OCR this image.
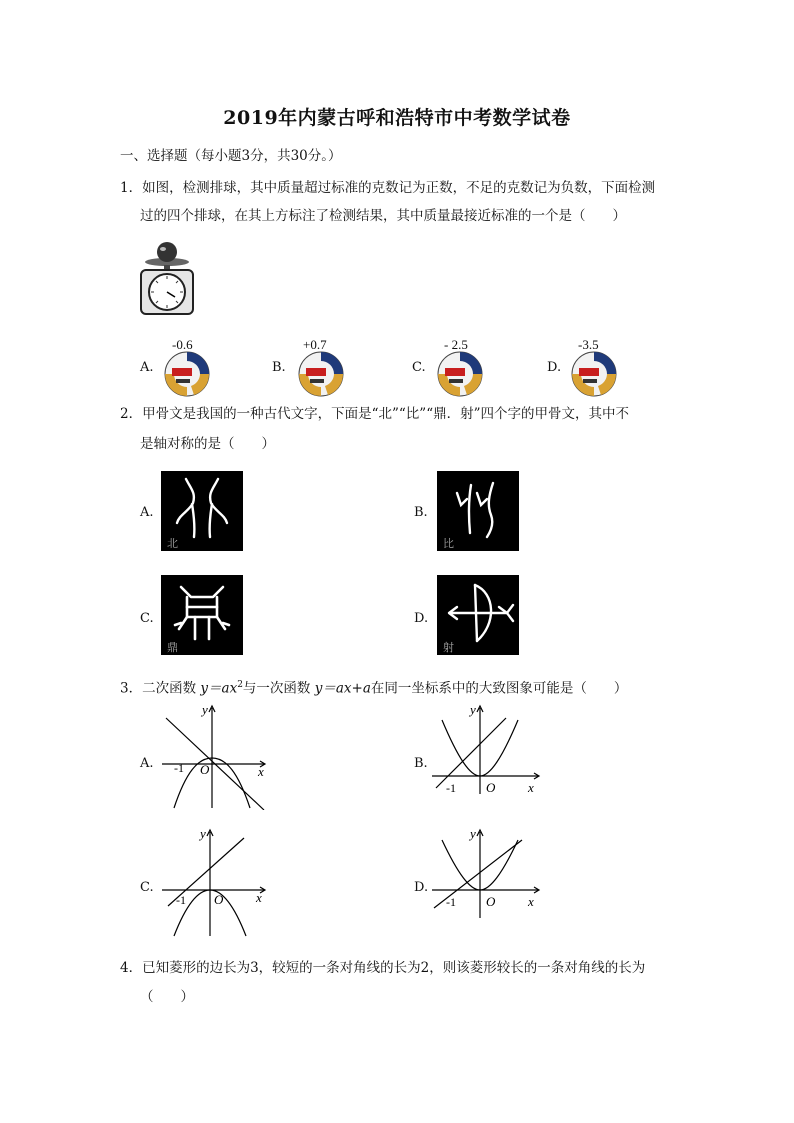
2019年内蒙古呼和浩特市中考数学试卷
一、选择题（每小题3分，共30分。）
1．如图，检测排球，其中质量超过标准的克数记为正数，不足的克数记为负数，下面检测
过的四个排球，在其上方标注了检测结果，其中质量最接近标准的一个是（　　）
A.
-0.6
B.
+0.7
C.
- 2.5
D.
-3.5
2．甲骨文是我国的一种古代文字，下面是“北”“比”“鼎．射”四个字的甲骨文，其中不
是轴对称的是（　　）
A.
北
B.
比
C.
鼎
D.
射
3．二次函数 $y=ax^2$与一次函数 y＝ax+a在同一坐标系中的大致图象可能是（　　）
A.
y
x
-1 O	B.
y
x
-1 O
C.
y
x
-1 O
D.
y
x
-1 O
4．已知菱形的边长为3，较短的一条对角线的长为2，则该菱形较长的一条对角线的长为
（　　）
